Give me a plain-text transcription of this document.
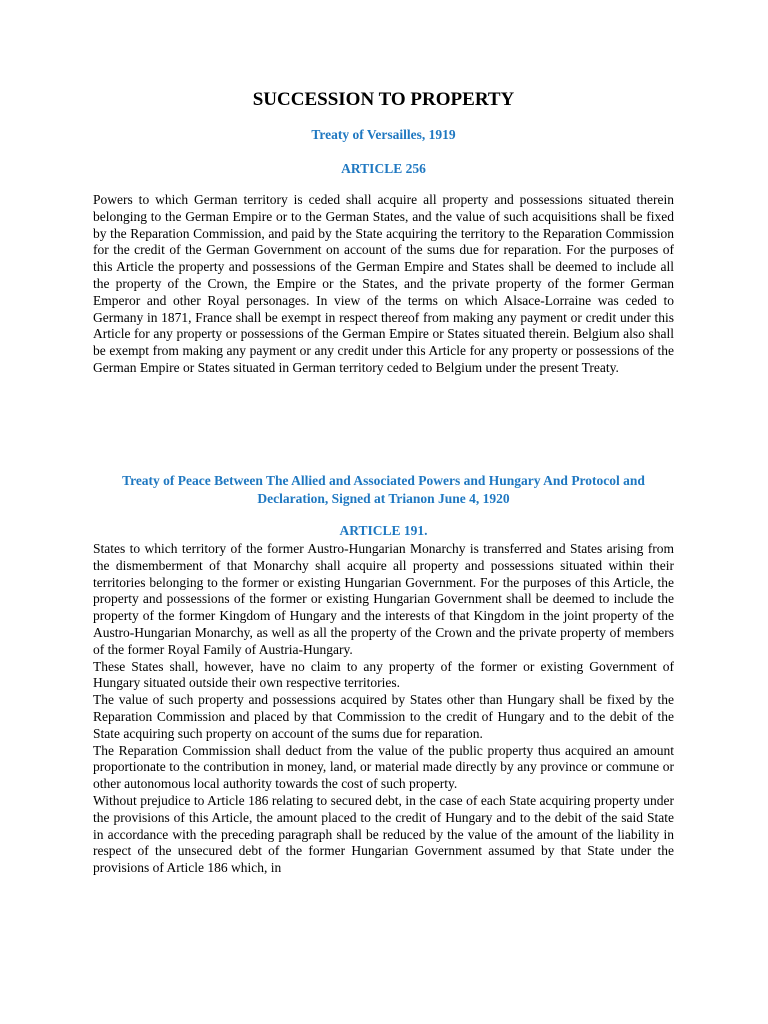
SUCCESSION TO PROPERTY
Treaty of Versailles, 1919
ARTICLE 256

Powers to which German territory is ceded shall acquire all property and possessions situated therein belonging to the German Empire or to the German States, and the value of such acquisitions shall be fixed by the Reparation Commission, and paid by the State acquiring the territory to the Reparation Commission for the credit of the German Government on account of the sums due for reparation. For the purposes of this Article the property and possessions of the German Empire and States shall be deemed to include all the property of the Crown, the Empire or the States, and the private property of the former German Emperor and other Royal personages. In view of the terms on which Alsace-Lorraine was ceded to Germany in 1871, France shall be exempt in respect thereof from making any payment or credit under this Article for any property or possessions of the German Empire or States situated therein. Belgium also shall be exempt from making any payment or any credit under this Article for any property or possessions of the German Empire or States situated in German territory ceded to Belgium under the present Treaty.

Treaty of Peace Between The Allied and Associated Powers and Hungary And Protocol and Declaration, Signed at Trianon June 4, 1920
ARTICLE 191.

States to which territory of the former Austro-Hungarian Monarchy is transferred and States arising from the dismemberment of that Monarchy shall acquire all property and possessions situated within their territories belonging to the former or existing Hungarian Government. For the purposes of this Article, the property and possessions of the former or existing Hungarian Government shall be deemed to include the property of the former Kingdom of Hungary and the interests of that Kingdom in the joint property of the Austro-Hungarian Monarchy, as well as all the property of the Crown and the private property of members of the former Royal Family of Austria-Hungary.

These States shall, however, have no claim to any property of the former or existing Government of Hungary situated outside their own respective territories.

The value of such property and possessions acquired by States other than Hungary shall be fixed by the Reparation Commission and placed by that Commission to the credit of Hungary and to the debit of the State acquiring such property on account of the sums due for reparation.

The Reparation Commission shall deduct from the value of the public property thus acquired an amount proportionate to the contribution in money, land, or material made directly by any province or commune or other autonomous local authority towards the cost of such property.

Without prejudice to Article 186 relating to secured debt, in the case of each State acquiring property under the provisions of this Article, the amount placed to the credit of Hungary and to the debit of the said State in accordance with the preceding paragraph shall be reduced by the value of the amount of the liability in respect of the unsecured debt of the former Hungarian Government assumed by that State under the provisions of Article 186 which, in
